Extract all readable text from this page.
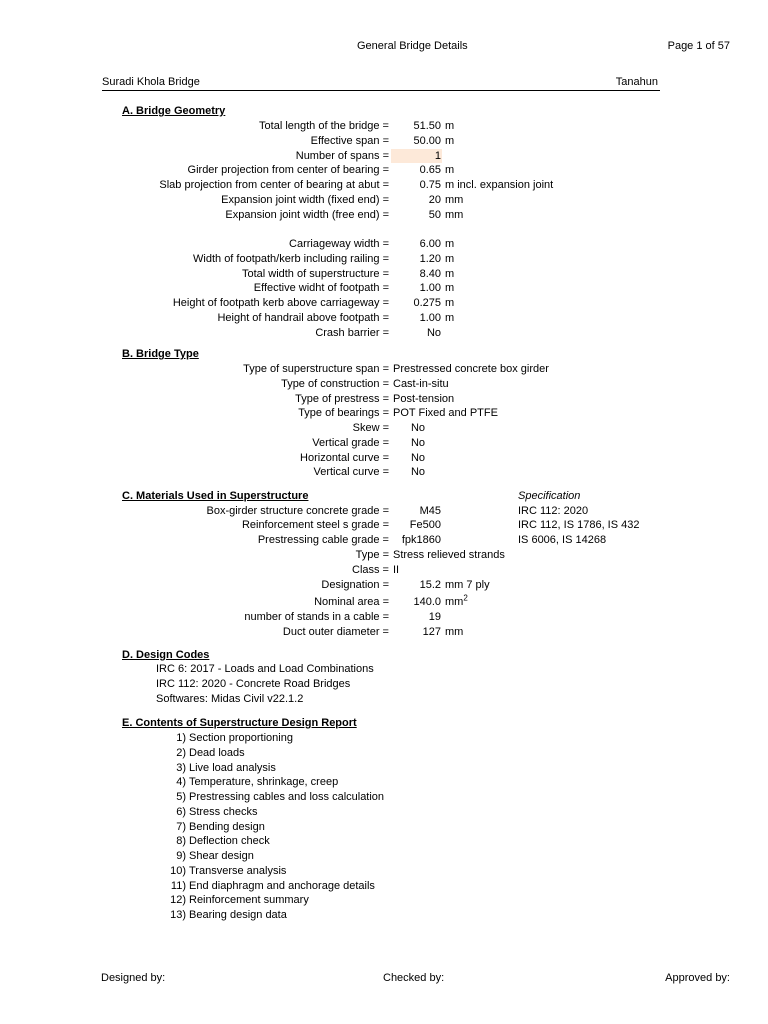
General Bridge Details	Page 1 of 57
Suradi Khola Bridge	Tanahun
A. Bridge Geometry
Total length of the bridge = 51.50 m
Effective span = 50.00 m
Number of spans =	1
Girder projection from center of bearing =	0.65 m
Slab projection from center of bearing at abut =	0.75 m incl. expansion joint
Expansion joint width (fixed end) =	20 mm
Expansion joint width (free end) =	50 mm
Carriageway width =	6.00 m
Width of footpath/kerb including railing =	1.20 m
Total width of superstructure =	8.40 m
Effective widht of footpath =	1.00 m
Height of footpath kerb above carriageway = 0.275 m
Height of handrail above footpath =	1.00 m
Crash barrier =	No
B. Bridge Type
Type of superstructure span = Prestressed concrete box girder
Type of construction = Cast-in-situ
Type of prestress = Post-tension
Type of bearings = POT Fixed and PTFE
Skew = No
Vertical grade = No
Horizontal curve = No
Vertical curve = No
C. Materials Used in Superstructure	Specification
Box-girder structure concrete grade =	M45	IRC 112: 2020
Reinforcement steel s grade = Fe500	IRC 112, IS 1786, IS 432
Prestressing cable grade = fpk1860	IS 6006, IS 14268
Type = Stress relieved strands
Class = II
Designation =	15.2 mm 7 ply
Nominal area = 140.0 $mm^2$
number of stands in a cable =	19
Duct outer diameter =	127 mm
D. Design Codes
IRC 6: 2017 - Loads and Load Combinations
IRC 112: 2020 - Concrete Road Bridges
Softwares: Midas Civil v22.1.2
E. Contents of Superstructure Design Report
1) Section proportioning
2) Dead loads
3) Live load analysis
4) Temperature, shrinkage, creep
5) Prestressing cables and loss calculation
6) Stress checks
7) Bending design
8) Deflection check
9) Shear design
10) Transverse analysis
11) End diaphragm and anchorage details
12) Reinforcement summary
13) Bearing design data
Designed by:	Checked by:	Approved by:
